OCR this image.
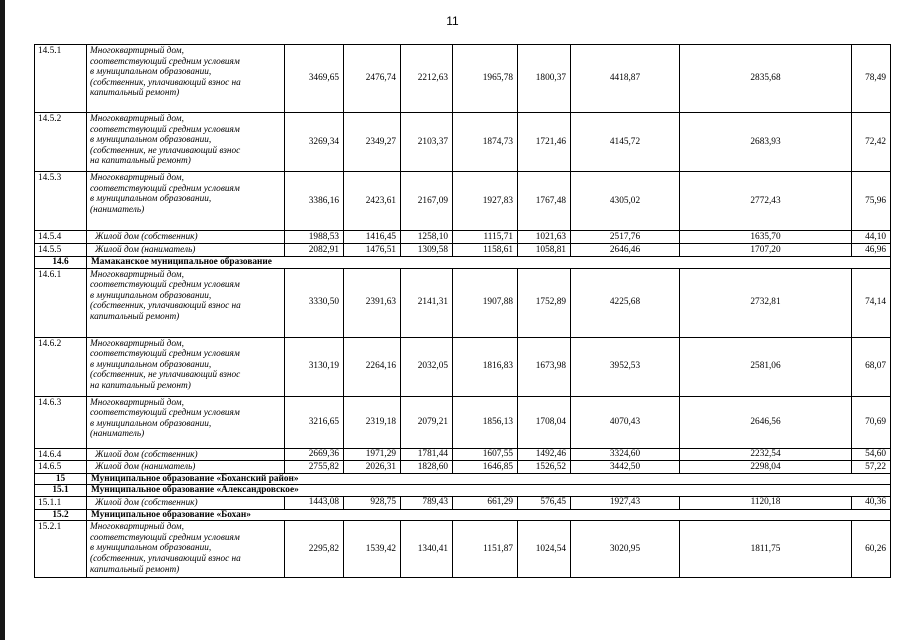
11
14.5.1	Многоквартирный дом,
соответствующий средним условиям
в муниципальном образовании,
(собственник, уплачивающий взнос на
капитальный ремонт)	3469,65	2476,74	2212,63	1965,78	1800,37	4418,87	2835,68	78,49
14.5.2	Многоквартирный дом,
соответствующий средним условиям
в муниципальном образовании,
(собственник, не уплачивающий взнос
на капитальный ремонт)	3269,34	2349,27	2103,37	1874,73	1721,46	4145,72	2683,93	72,42
14.5.3	Многоквартирный дом,
соответствующий средним условиям
в муниципальном образовании,
(наниматель)	3386,16	2423,61	2167,09	1927,83	1767,48	4305,02	2772,43	75,96
14.5.4	Жилой дом (собственник)	1988,53	1416,45	1258,10	1115,71	1021,63	2517,76	1635,70	44,10
14.5.5	Жилой дом (наниматель)	2082,91	1476,51	1309,58	1158,61	1058,81	2646,46	1707,20	46,96
14.6	Мамаканское муниципальное образование								
14.6.1	Многоквартирный дом,
соответствующий средним условиям
в муниципальном образовании,
(собственник, уплачивающий взнос на
капитальный ремонт)	3330,50	2391,63	2141,31	1907,88	1752,89	4225,68	2732,81	74,14
14.6.2	Многоквартирный дом,
соответствующий средним условиям
в муниципальном образовании,
(собственник, не уплачивающий взнос
на капитальный ремонт)	3130,19	2264,16	2032,05	1816,83	1673,98	3952,53	2581,06	68,07
14.6.3	Многоквартирный дом,
соответствующий средним условиям
в муниципальном образовании,
(наниматель)	3216,65	2319,18	2079,21	1856,13	1708,04	4070,43	2646,56	70,69
14.6.4	Жилой дом (собственник)	2669,36	1971,29	1781,44	1607,55	1492,46	3324,60	2232,54	54,60
14.6.5	Жилой дом (наниматель)	2755,82	2026,31	1828,60	1646,85	1526,52	3442,50	2298,04	57,22
15	Муниципальное образование «Боханский район»								
15.1	Муниципальное образование «Александровское»								
15.1.1	Жилой дом (собственник)	1443,08	928,75	789,43	661,29	576,45	1927,43	1120,18	40,36
15.2	Муниципальное образование «Бохан»								
15.2.1	Многоквартирный дом,
соответствующий средним условиям
в муниципальном образовании,
(собственник, уплачивающий взнос на
капитальный ремонт)	2295,82	1539,42	1340,41	1151,87	1024,54	3020,95	1811,75	60,26
